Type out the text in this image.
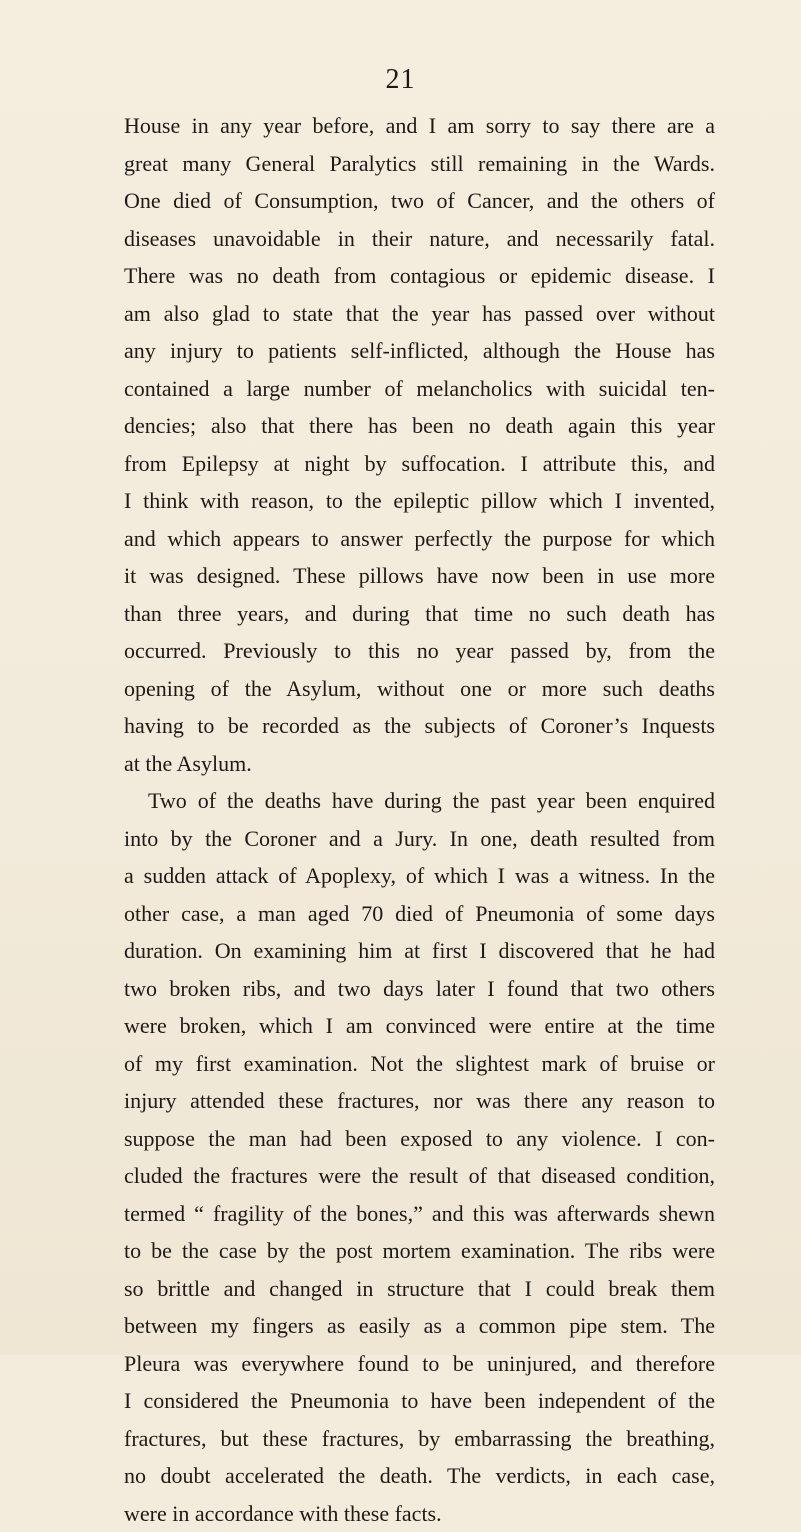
21
House in any year before, and I am sorry to say there are a
great many General Paralytics still remaining in the Wards.
One died of Consumption, two of Cancer, and the others of
diseases unavoidable in their nature, and necessarily fatal.
There was no death from contagious or epidemic disease. I
am also glad to state that the year has passed over without
any injury to patients self-inflicted, although the House has
contained a large number of melancholics with suicidal ten-
dencies; also that there has been no death again this year
from Epilepsy at night by suffocation. I attribute this, and
I think with reason, to the epileptic pillow which I invented,
and which appears to answer perfectly the purpose for which
it was designed. These pillows have now been in use more
than three years, and during that time no such death has
occurred. Previously to this no year passed by, from the
opening of the Asylum, without one or more such deaths
having to be recorded as the subjects of Coroner’s Inquests
at the Asylum.
Two of the deaths have during the past year been enquired
into by the Coroner and a Jury. In one, death resulted from
a sudden attack of Apoplexy, of which I was a witness. In the
other case, a man aged 70 died of Pneumonia of some days
duration. On examining him at first I discovered that he had
two broken ribs, and two days later I found that two others
were broken, which I am convinced were entire at the time
of my first examination. Not the slightest mark of bruise or
injury attended these fractures, nor was there any reason to
suppose the man had been exposed to any violence. I con-
cluded the fractures were the result of that diseased condition,
termed “ fragility of the bones,” and this was afterwards shewn
to be the case by the post mortem examination. The ribs were
so brittle and changed in structure that I could break them
between my fingers as easily as a common pipe stem. The
Pleura was everywhere found to be uninjured, and therefore
I considered the Pneumonia to have been independent of the
fractures, but these fractures, by embarrassing the breathing,
no doubt accelerated the death. The verdicts, in each case,
were in accordance with these facts.
